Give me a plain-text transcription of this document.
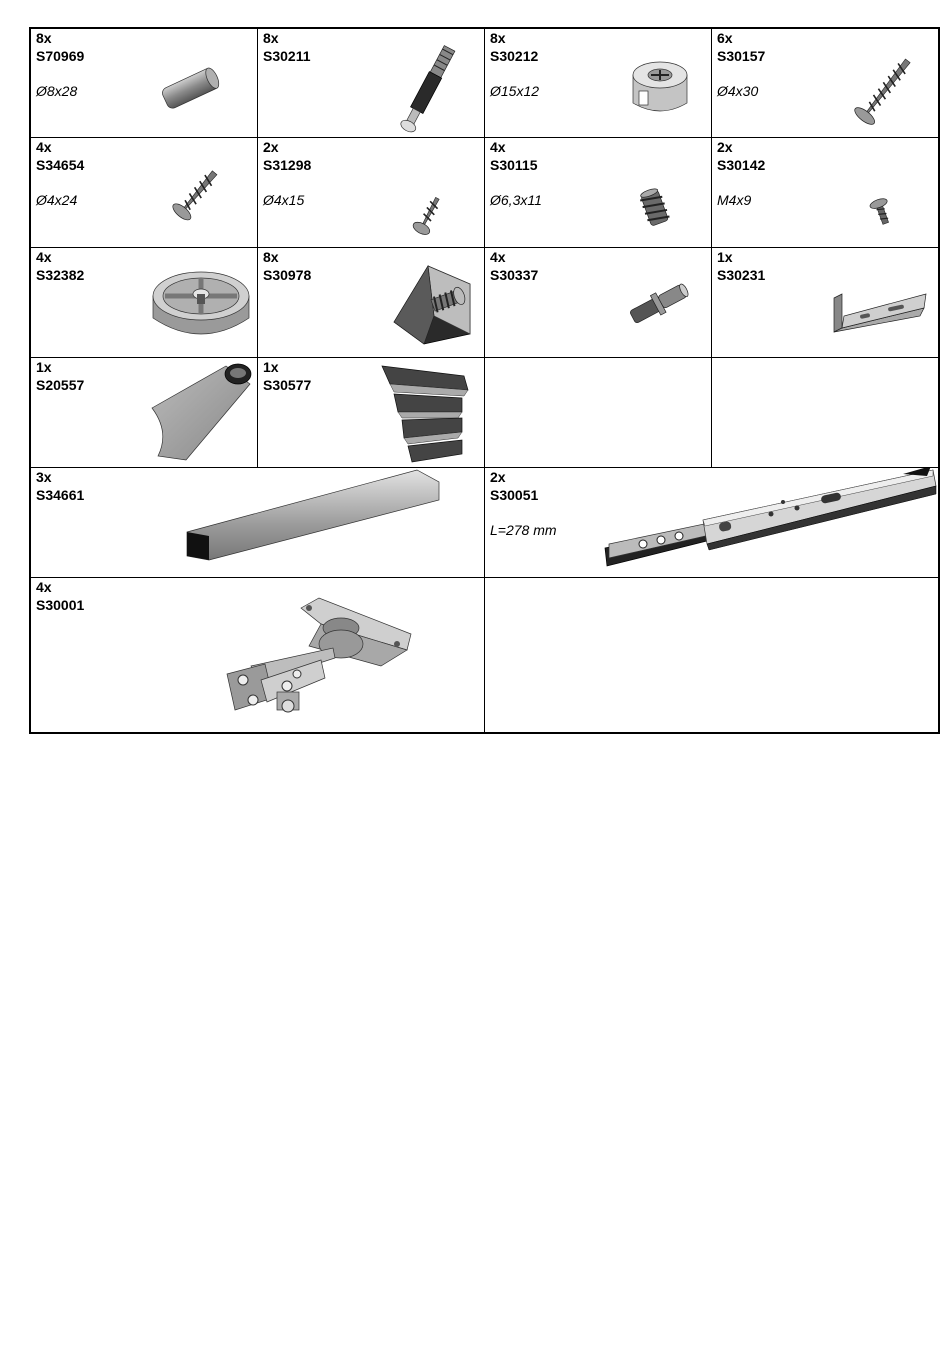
8x
S70969
Ø8x28
8x
S30211
8x
S30212
Ø15x12
6x
S30157
Ø4x30
4x
S34654
Ø4x24
2x
S31298
Ø4x15
4x
S30115
Ø6,3x11
2x
S30142
M4x9
4x
S32382
8x
S30978
4x
S30337
1x
S30231
1x
S20557
1x
S30577
3x
S34661
2x
S30051
L=278 mm
4x
S30001
